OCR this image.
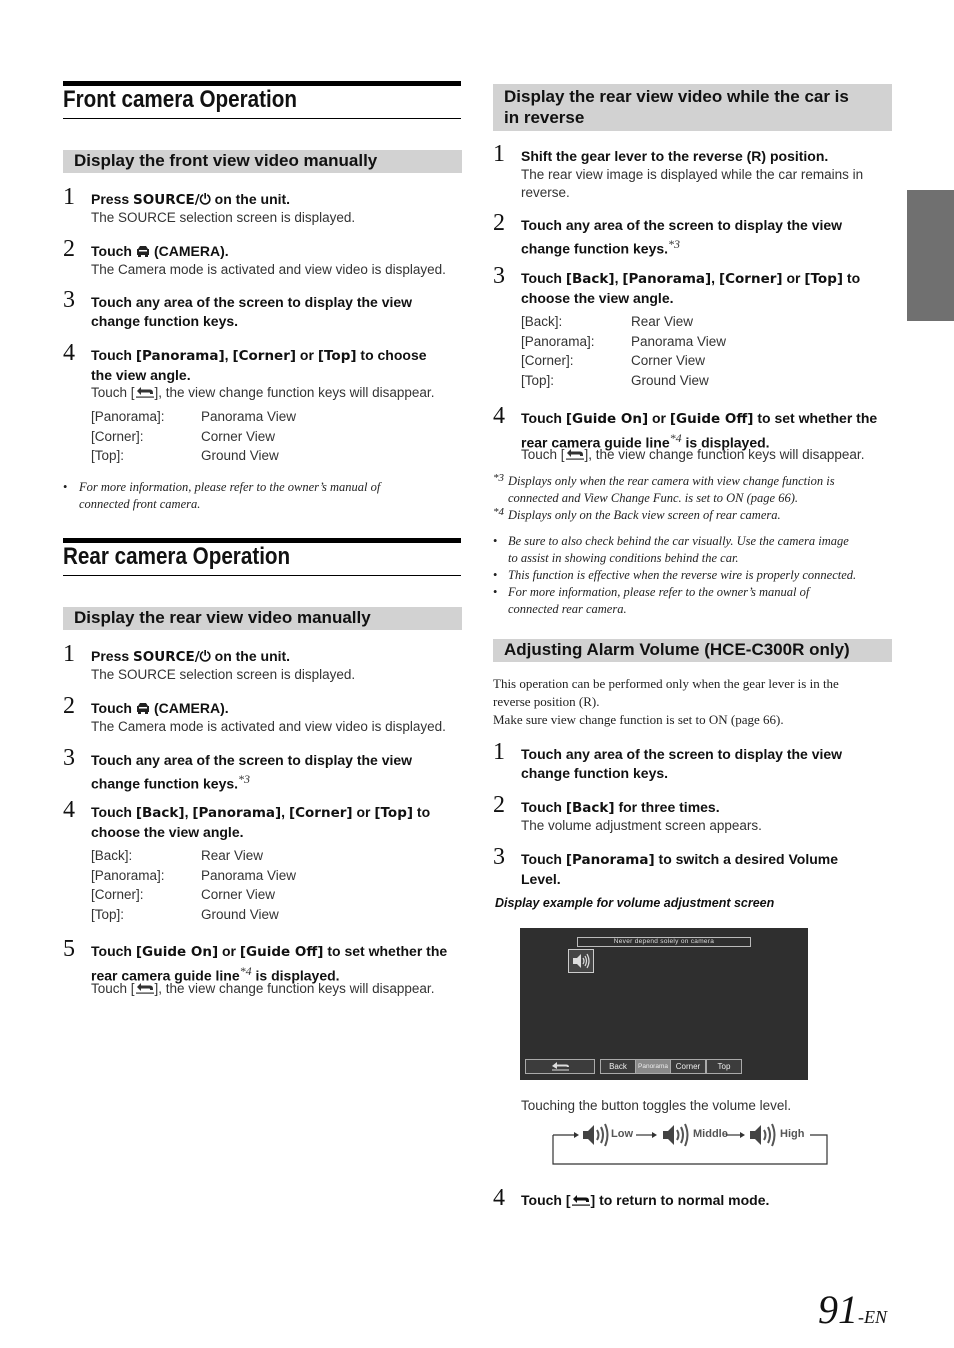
Front camera Operation
Display the front view video manually
1 Press SOURCE/⏻ on the unit.
The SOURCE selection screen is displayed.
2 Touch (CAMERA).
The Camera mode is activated and view video is displayed.
3 Touch any area of the screen to display the view
change function keys.
4 Touch [Panorama], [Corner] or [Top] to choose
the view angle.
Touch [ ], the view change function keys will disappear.
[Panorama]:	Panorama View
[Corner]:	Corner View
[Top]:	Ground View
• For more information, please refer to the owner’s manual of
connected front camera.
Rear camera Operation
Display the rear view video manually
1 Press SOURCE/⏻ on the unit.
The SOURCE selection screen is displayed.
2 Touch (CAMERA).
The Camera mode is activated and view video is displayed.
3 Touch any area of the screen to display the view
change function keys.$^{*3}$
4 Touch [Back], [Panorama], [Corner] or [Top] to
choose the view angle.
[Back]:	Rear View
[Panorama]:	Panorama View
[Corner]:	Corner View
[Top]:	Ground View
5 Touch [Guide On] or [Guide Off] to set whether the
rear camera guide line$^{*4}$ is displayed.
Touch [ ], the view change function keys will disappear.
Display the rear view video while the car is
in reverse
1 Shift the gear lever to the reverse (R) position.
The rear view image is displayed while the car remains in
reverse.
2 Touch any area of the screen to display the view
change function keys.$^{*3}$
3 Touch [Back], [Panorama], [Corner] or [Top] to
choose the view angle.
[Back]:	Rear View
[Panorama]:	Panorama View
[Corner]:	Corner View
[Top]:	Ground View
4 Touch [Guide On] or [Guide Off] to set whether the
rear camera guide line$^{*4}$ is displayed.
Touch [ ], the view change function keys will disappear.
*3 Displays only when the rear camera with view change function is
connected and View Change Func. is set to ON (page 66).
*4 Displays only on the Back view screen of rear camera.
• Be sure to also check behind the car visually. Use the camera image
to assist in showing conditions behind the car.
• This function is effective when the reverse wire is properly connected.
• For more information, please refer to the owner’s manual of
connected rear camera.
Adjusting Alarm Volume (HCE-C300R only)
This operation can be performed only when the gear lever is in the
reverse position (R).
Make sure view change function is set to ON (page 66).
1 Touch any area of the screen to display the view
change function keys.
2 Touch [Back] for three times.
The volume adjustment screen appears.
3 Touch [Panorama] to switch a desired Volume
Level.
Display example for volume adjustment screen
Never depend solely on camera
Back	Panorama Corner	Top
Touching the button toggles the volume level.
Low	Middle	High
4 Touch [ ] to return to normal mode.
91-EN
